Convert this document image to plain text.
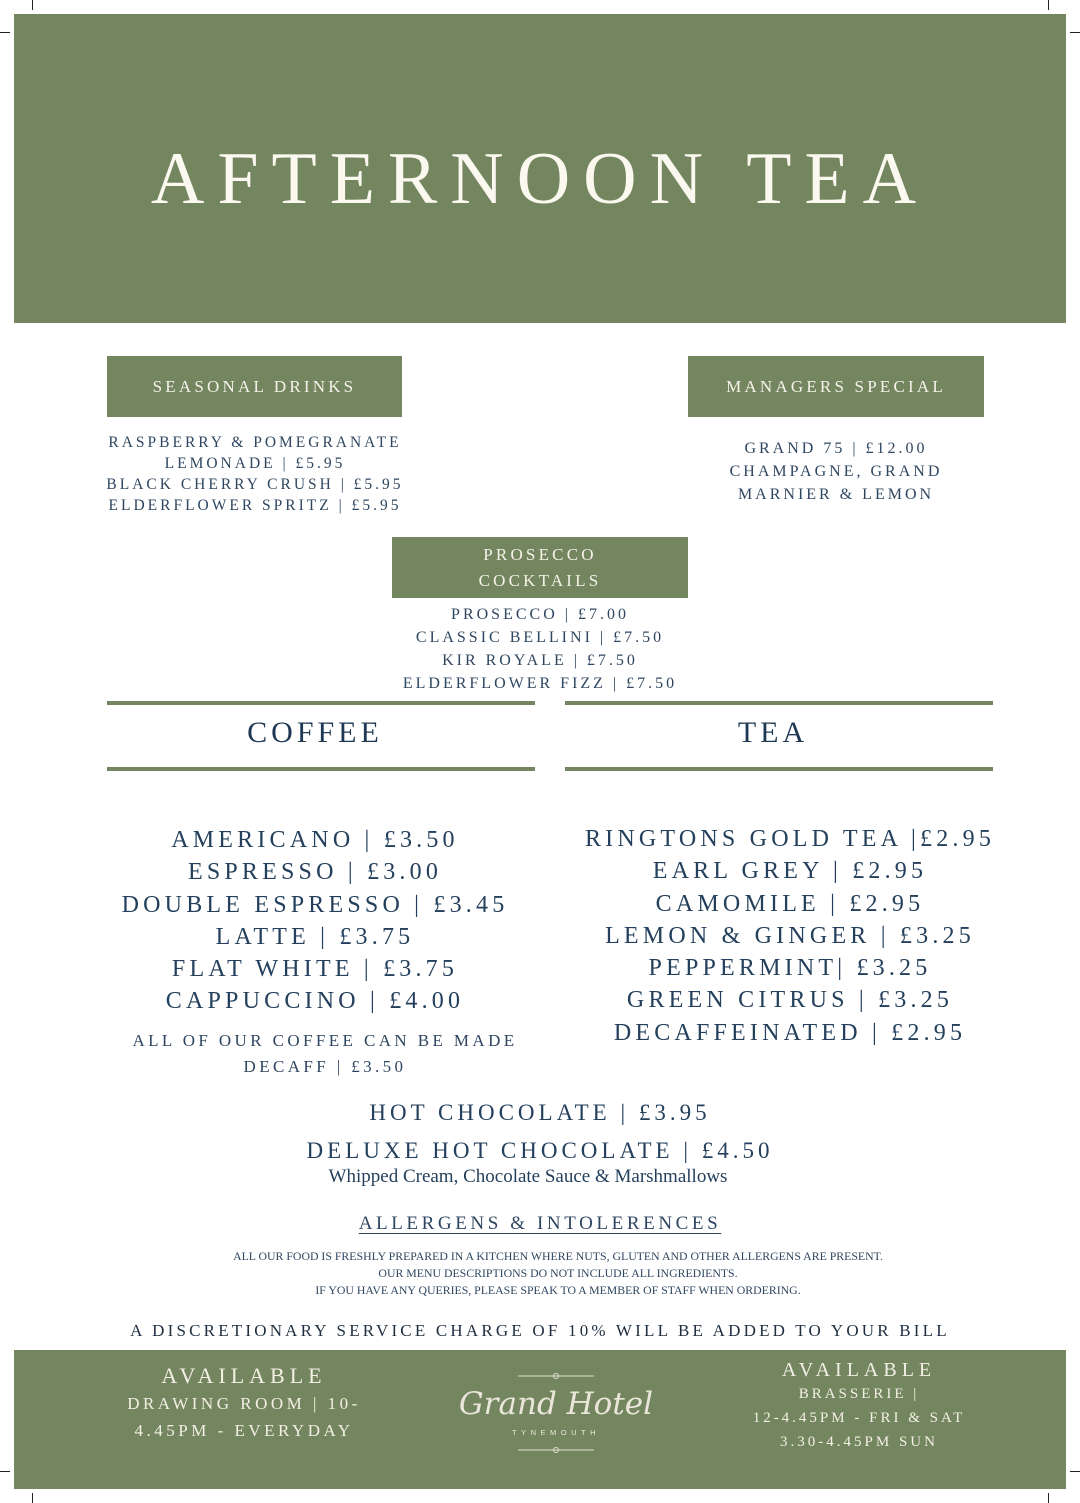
AFTERNOON TEA
SEASONAL DRINKS
RASPBERRY & POMEGRANATE
LEMONADE | £5.95
BLACK CHERRY CRUSH | £5.95
ELDERFLOWER SPRITZ | £5.95
MANAGERS SPECIAL
GRAND 75 | £12.00
CHAMPAGNE, GRAND
MARNIER & LEMON
PROSECCO
COCKTAILS
PROSECCO | £7.00
CLASSIC BELLINI | £7.50
KIR ROYALE | £7.50
ELDERFLOWER FIZZ | £7.50
COFFEE
AMERICANO | £3.50
ESPRESSO | £3.00
DOUBLE ESPRESSO | £3.45
LATTE | £3.75
FLAT WHITE | £3.75
CAPPUCCINO | £4.00
ALL OF OUR COFFEE CAN BE MADE
DECAFF | £3.50
TEA
RINGTONS GOLD TEA |£2.95
EARL GREY | £2.95
CAMOMILE | £2.95
LEMON & GINGER | £3.25
PEPPERMINT| £3.25
GREEN CITRUS | £3.25
DECAFFEINATED | £2.95
HOT CHOCOLATE | £3.95
DELUXE HOT CHOCOLATE | £4.50
Whipped Cream, Chocolate Sauce & Marshmallows
ALLERGENS & INTOLERENCES
ALL OUR FOOD IS FRESHLY PREPARED IN A KITCHEN WHERE NUTS, GLUTEN AND OTHER ALLERGENS ARE PRESENT.
OUR MENU DESCRIPTIONS DO NOT INCLUDE ALL INGREDIENTS.
IF YOU HAVE ANY QUERIES, PLEASE SPEAK TO A MEMBER OF STAFF WHEN ORDERING.
A DISCRETIONARY SERVICE CHARGE OF 10% WILL BE ADDED TO YOUR BILL
AVAILABLE
DRAWING ROOM | 10-
4.45PM - EVERYDAY
Grand Hotel
TYNEMOUTH
AVAILABLE
BRASSERIE |
12-4.45PM - FRI & SAT
3.30-4.45PM SUN
